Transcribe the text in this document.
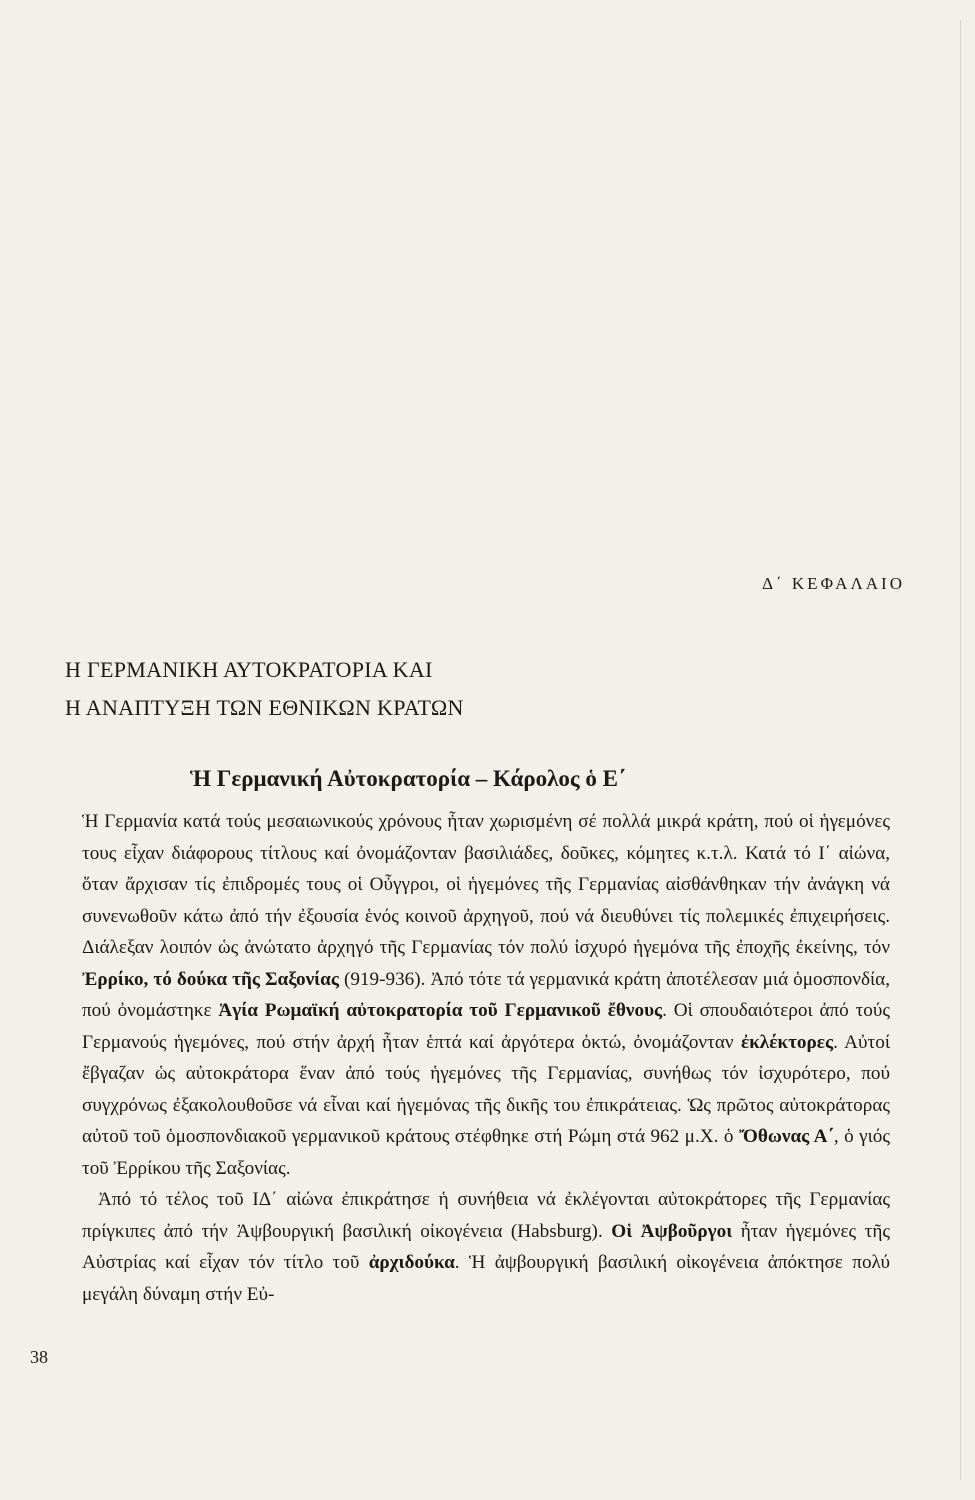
Δ΄ ΚΕΦΑΛΑΙΟ
Η ΓΕΡΜΑΝΙΚΗ ΑΥΤΟΚΡΑΤΟΡΙΑ ΚΑΙ
Η ΑΝΑΠΤΥΞΗ ΤΩΝ ΕΘΝΙΚΩΝ ΚΡΑΤΩΝ
Ἡ Γερμανική Αὐτοκρατορία – Κάρολος ὁ Ε΄

Ἡ Γερμανία κατά τούς μεσαιωνικούς χρόνους ἦταν χωρισμένη σέ πολλά μικρά κράτη, πού οἱ ἡγεμόνες τους εἶχαν διάφορους τίτλους καί ὀνομάζονταν βασιλιάδες, δοῦκες, κόμητες κ.τ.λ. Κατά τό Ι΄ αἰώνα, ὅταν ἄρχισαν τίς ἐπιδρομές τους οἱ Οὖγγροι, οἱ ἡγεμόνες τῆς Γερμανίας αἰσθάνθηκαν τήν ἀνάγκη νά συνενωθοῦν κάτω ἀπό τήν ἐξουσία ἑνός κοινοῦ ἀρχηγοῦ, πού νά διευθύνει τίς πολεμικές ἐπιχειρήσεις. Διάλεξαν λοιπόν ὡς ἀνώτατο ἀρχηγό τῆς Γερμανίας τόν πολύ ἰσχυρό ἡγεμόνα τῆς ἐποχῆς ἐκείνης, τόν Ἐρρίκο, τό δούκα τῆς Σαξονίας (919-936). Ἀπό τότε τά γερμανικά κράτη ἀποτέλεσαν μιά ὁμοσπονδία, πού ὀνομάστηκε Ἁγία Ρωμαϊκή αὐτοκρατορία τοῦ Γερμανικοῦ ἔθνους. Οἱ σπουδαιότεροι ἀπό τούς Γερμανούς ἡγεμόνες, πού στήν ἀρχή ἦταν ἑπτά καί ἀργότερα ὀκτώ, ὀνομάζονταν ἐκλέκτορες. Αὐτοί ἔβγαζαν ὡς αὐτοκράτορα ἕναν ἀπό τούς ἡγεμόνες τῆς Γερμανίας, συνήθως τόν ἰσχυρότερο, πού συγχρόνως ἐξακολουθοῦσε νά εἶναι καί ἡγεμόνας τῆς δικῆς του ἐπικράτειας. Ὡς πρῶτος αὐτοκράτορας αὐτοῦ τοῦ ὁμοσπονδιακοῦ γερμανικοῦ κράτους στέφθηκε στή Ρώμη στά 962 μ.Χ. ὁ Ὄθωνας Α΄, ὁ γιός τοῦ Ἐρρίκου τῆς Σαξονίας.

Ἀπό τό τέλος τοῦ ΙΔ΄ αἰώνα ἐπικράτησε ἡ συνήθεια νά ἐκλέγονται αὐτοκράτορες τῆς Γερμανίας πρίγκιπες ἀπό τήν Ἀψβουργική βασιλική οἰκογένεια (Habsburg). Οἱ Ἀψβοῦργοι ἦταν ἡγεμόνες τῆς Αὐστρίας καί εἶχαν τόν τίτλο τοῦ ἀρχιδούκα. Ἡ ἀψβουργική βασιλική οἰκογένεια ἀπόκτησε πολύ μεγάλη δύναμη στήν Εὐ-

38
